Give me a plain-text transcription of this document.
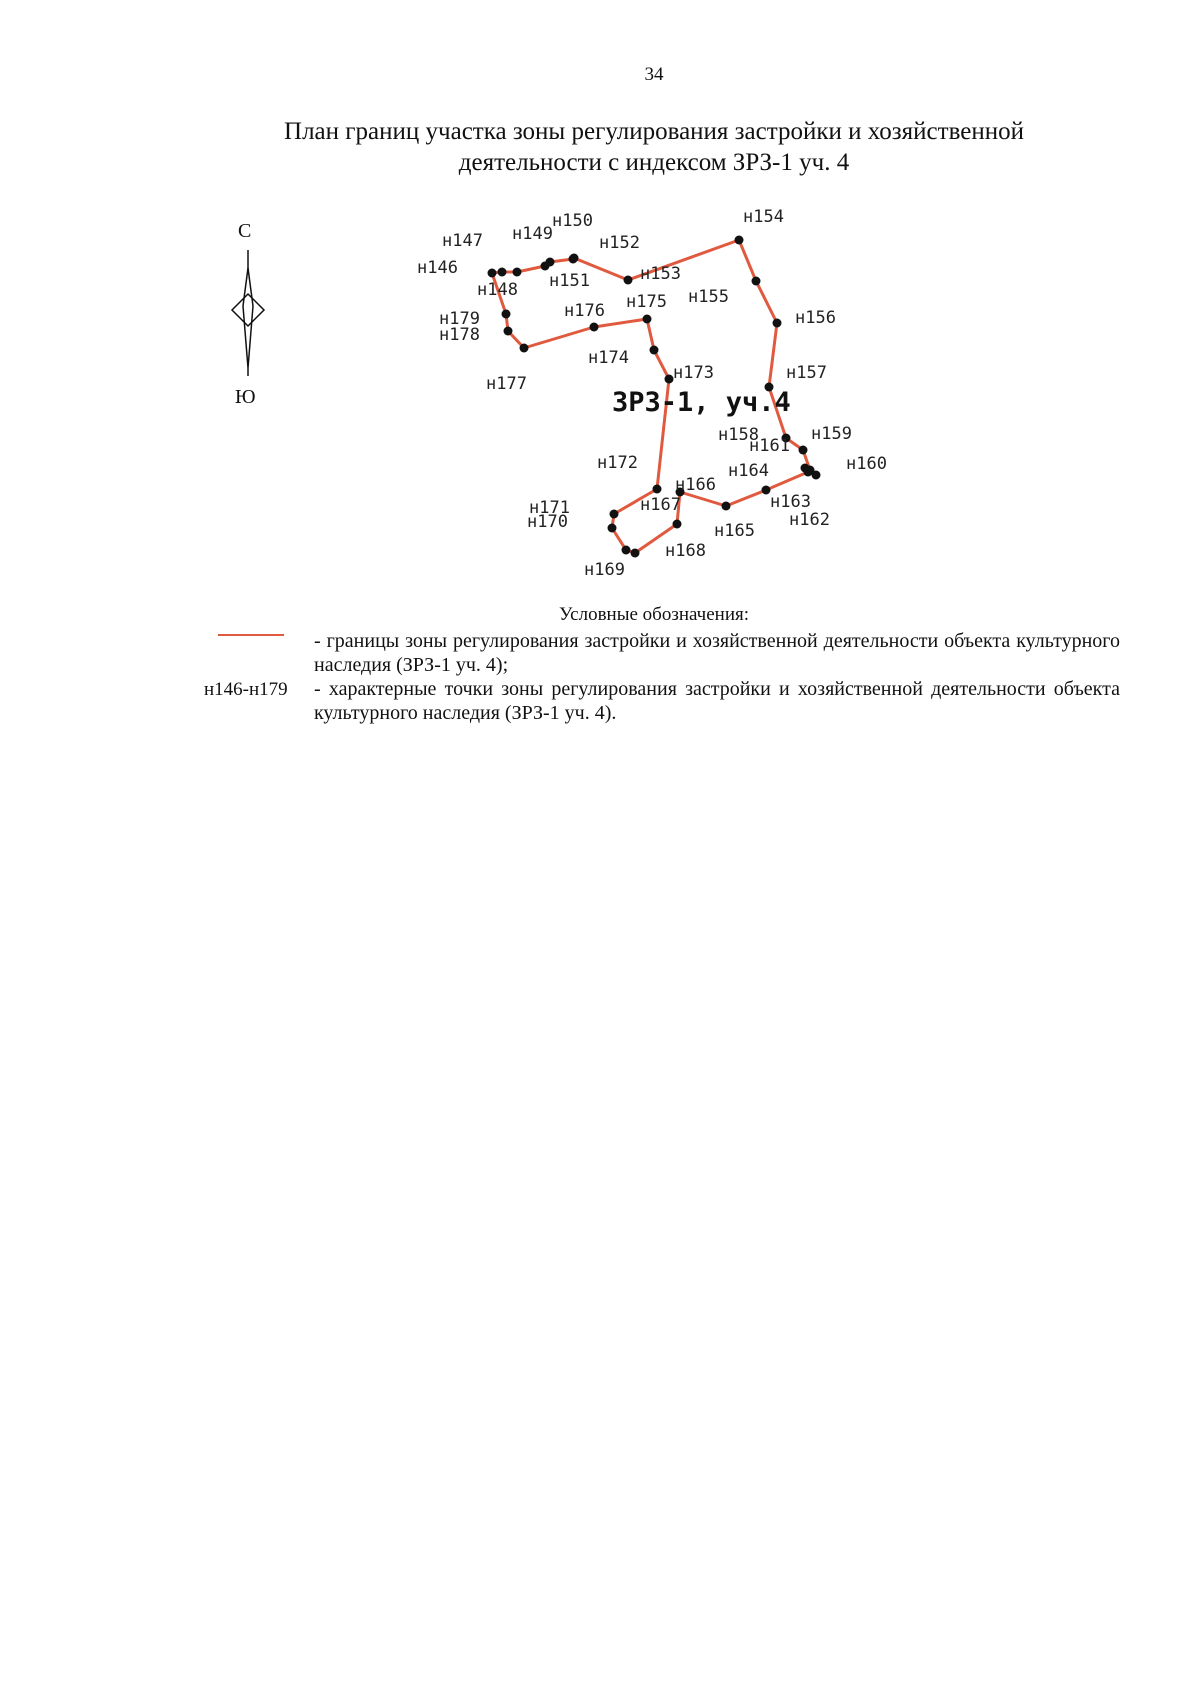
34
План границ участка зоны регулирования застройки и хозяйственной
деятельности с индексом ЗРЗ-1 уч. 4
С
Ю
н146
н147
н148
н149
н150
н151
н152
н153
н154
н155
н156
н157
н158	н159
н160
н161
н162
н163
н164
н165
н166
н167
н168
н169
н170
н171
н172
н173
н174
н175
н176
н177
н178
н179
ЗРЗ-1, уч.4
Условные обозначения:
- границы зоны регулирования застройки и хозяйственной деятельности объекта культурного наследия (ЗРЗ-1 уч. 4);
н146-н179 - характерные точки зоны регулирования застройки и хозяйственной деятельности объекта культурного наследия (ЗРЗ-1 уч. 4).
